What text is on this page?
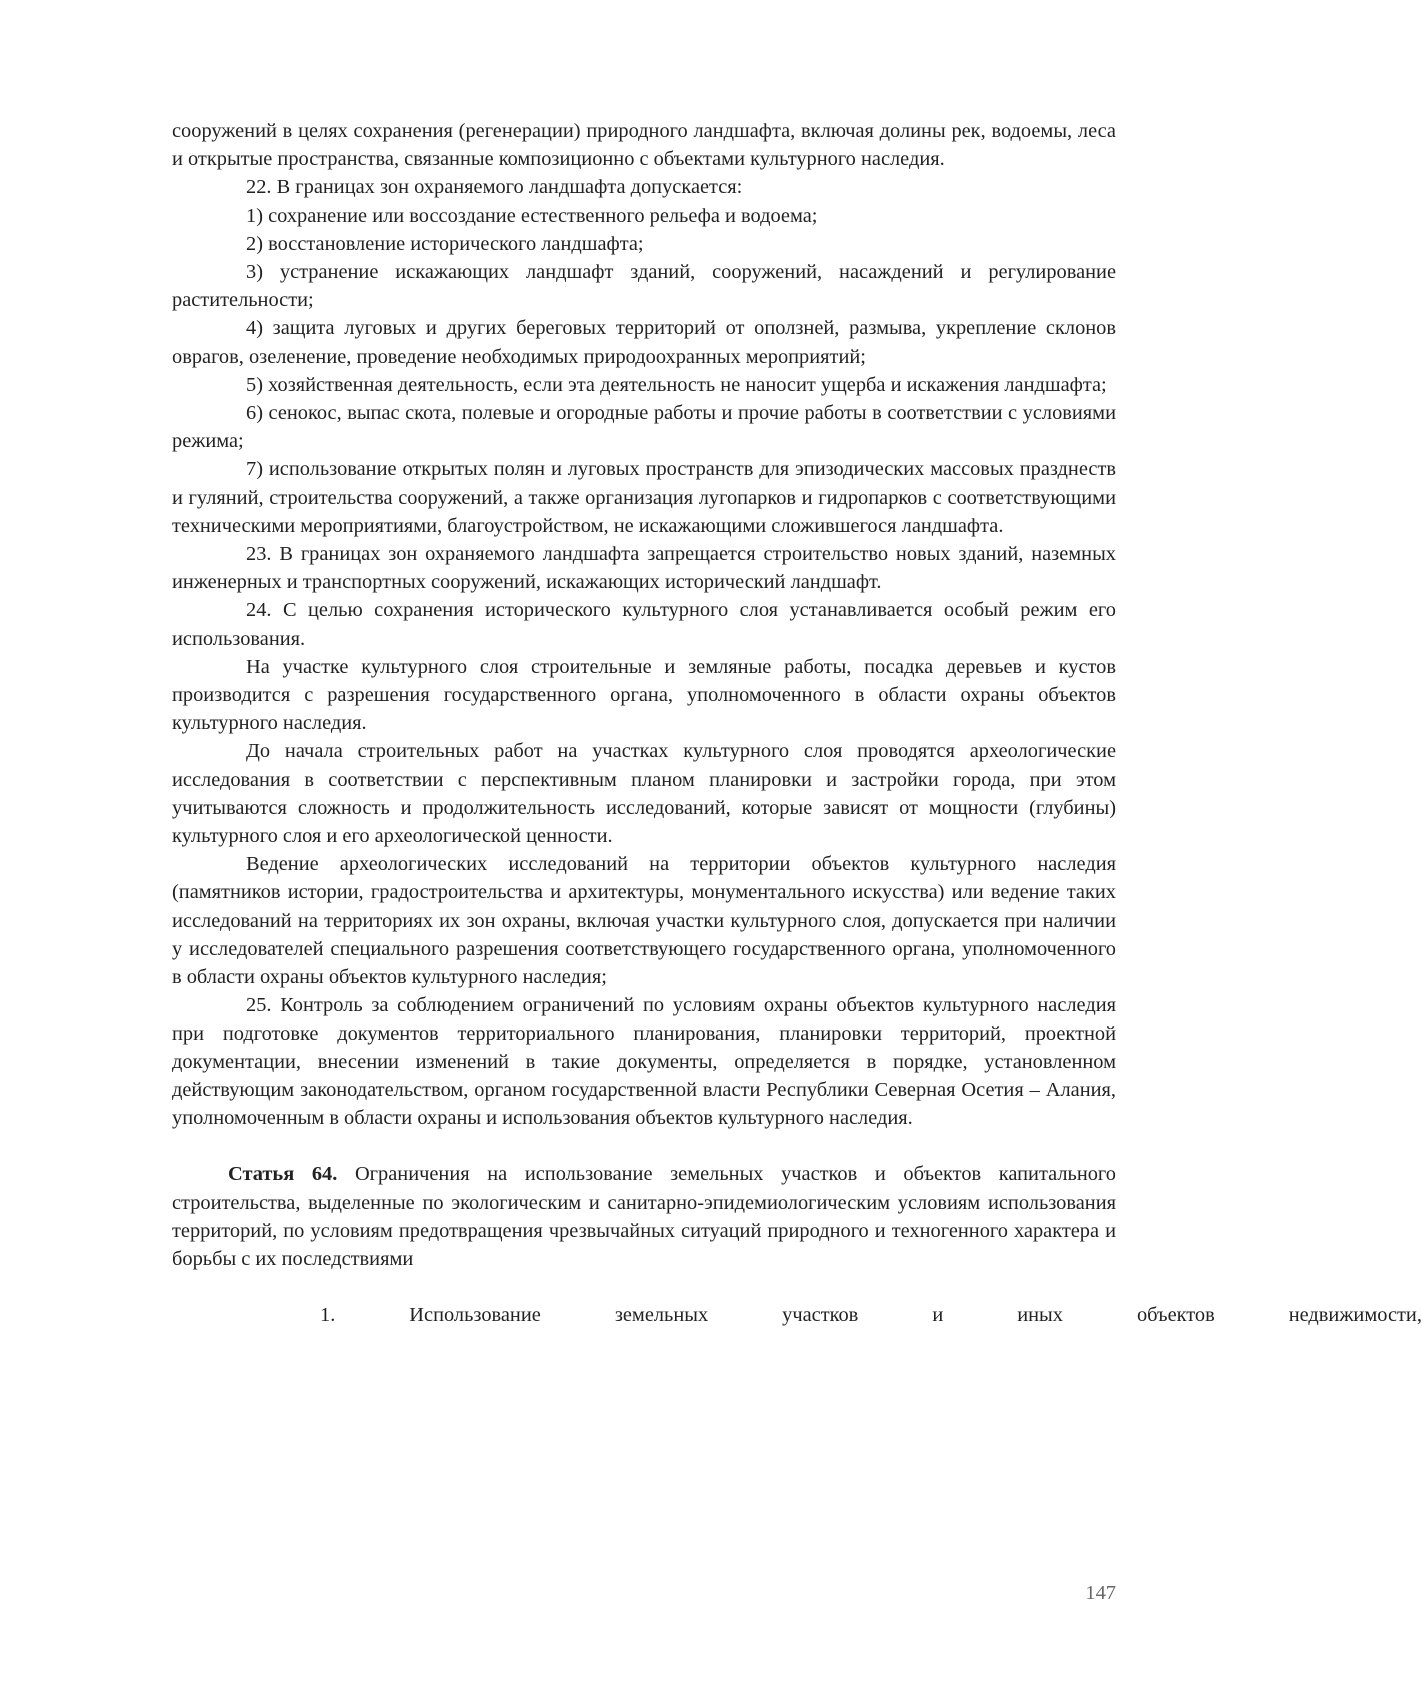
сооружений в целях сохранения (регенерации) природного ландшафта, включая долины рек, водоемы, леса и открытые пространства, связанные композиционно с объектами культурного наследия.

22. В границах зон охраняемого ландшафта допускается:

1) сохранение или воссоздание естественного рельефа и водоема;

2) восстановление исторического ландшафта;

3) устранение искажающих ландшафт зданий, сооружений, насаждений и регулирование растительности;

4) защита луговых и других береговых территорий от оползней, размыва, укрепление склонов оврагов, озеленение, проведение необходимых природоохранных мероприятий;

5) хозяйственная деятельность, если эта деятельность не наносит ущерба и искажения ландшафта;

6) сенокос, выпас скота, полевые и огородные работы и прочие работы в соответствии с условиями режима;

7) использование открытых полян и луговых пространств для эпизодических массовых празднеств и гуляний, строительства сооружений, а также организация лугопарков и гидропарков с соответствующими техническими мероприятиями, благоустройством, не искажающими сложившегося ландшафта.

23. В границах зон охраняемого ландшафта запрещается строительство новых зданий, наземных инженерных и транспортных сооружений, искажающих исторический ландшафт.

24. С целью сохранения исторического культурного слоя устанавливается особый режим его использования.

На участке культурного слоя строительные и земляные работы, посадка деревьев и кустов производится с разрешения государственного органа, уполномоченного в области охраны объектов культурного наследия.

До начала строительных работ на участках культурного слоя проводятся археологические исследования в соответствии с перспективным планом планировки и застройки города, при этом учитываются сложность и продолжительность исследований, которые зависят от мощности (глубины) культурного слоя и его археологической ценности.

Ведение археологических исследований на территории объектов культурного наследия (памятников истории, градостроительства и архитектуры, монументального искусства) или ведение таких исследований на территориях их зон охраны, включая участки культурного слоя, допускается при наличии у исследователей специального разрешения соответствующего государственного органа, уполномоченного в области охраны объектов культурного наследия;

25. Контроль за соблюдением ограничений по условиям охраны объектов культурного наследия при подготовке документов территориального планирования, планировки территорий, проектной документации, внесении изменений в такие документы, определяется в порядке, установленном действующим законодательством, органом государственной власти Республики Северная Осетия – Алания, уполномоченным в области охраны и использования объектов культурного наследия.

Статья 64. Ограничения на использование земельных участков и объектов капитального строительства, выделенные по экологическим и санитарно-эпидемиологическим условиям использования территорий, по условиям предотвращения чрезвычайных ситуаций природного и техногенного характера и борьбы с их последствиями

1.	Использование	земельных	участков	и	иных	объектов	недвижимости,
147
